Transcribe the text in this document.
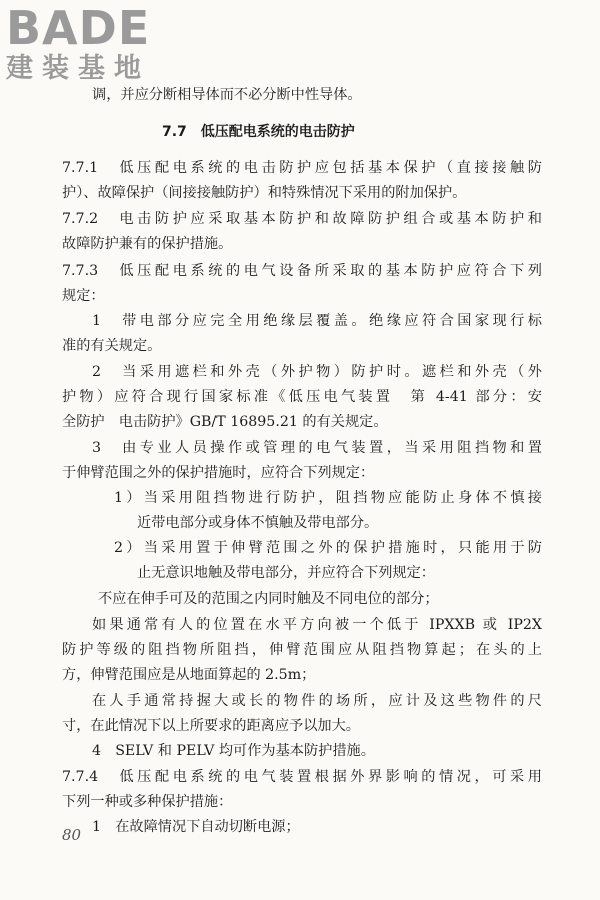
BADE
建装基地
调，并应分断相导体而不必分断中性导体。
7.7　低压配电系统的电击防护
7.7.1　低压配电系统的电击防护应包括基本保护（直接接触防
护）、故障保护（间接接触防护）和特殊情况下采用的附加保护。
7.7.2　电击防护应采取基本防护和故障防护组合或基本防护和
故障防护兼有的保护措施。
7.7.3　低压配电系统的电气设备所采取的基本防护应符合下列
规定：
1　带电部分应完全用绝缘层覆盖。绝缘应符合国家现行标
准的有关规定。
2　当采用遮栏和外壳（外护物）防护时。遮栏和外壳（外
护物）应符合现行国家标准《低压电气装置　第 4-41 部分：安
全防护　电击防护》GB/T 16895.21 的有关规定。
3　由专业人员操作或管理的电气装置，当采用阻挡物和置
于伸臂范围之外的保护措施时，应符合下列规定：
1）当采用阻挡物进行防护，阻挡物应能防止身体不慎接
近带电部分或身体不慎触及带电部分。
2）当采用置于伸臂范围之外的保护措施时，只能用于防
止无意识地触及带电部分，并应符合下列规定：
不应在伸手可及的范围之内同时触及不同电位的部分；
如果通常有人的位置在水平方向被一个低于 IPXXB 或 IP2X
防护等级的阻挡物所阻挡，伸臂范围应从阻挡物算起；在头的上
方，伸臂范围应是从地面算起的 2.5m；
在人手通常持握大或长的物件的场所，应计及这些物件的尺
寸，在此情况下以上所要求的距离应予以加大。
4　SELV 和 PELV 均可作为基本防护措施。
7.7.4　低压配电系统的电气装置根据外界影响的情况，可采用
下列一种或多种保护措施：
1　在故障情况下自动切断电源；
80
